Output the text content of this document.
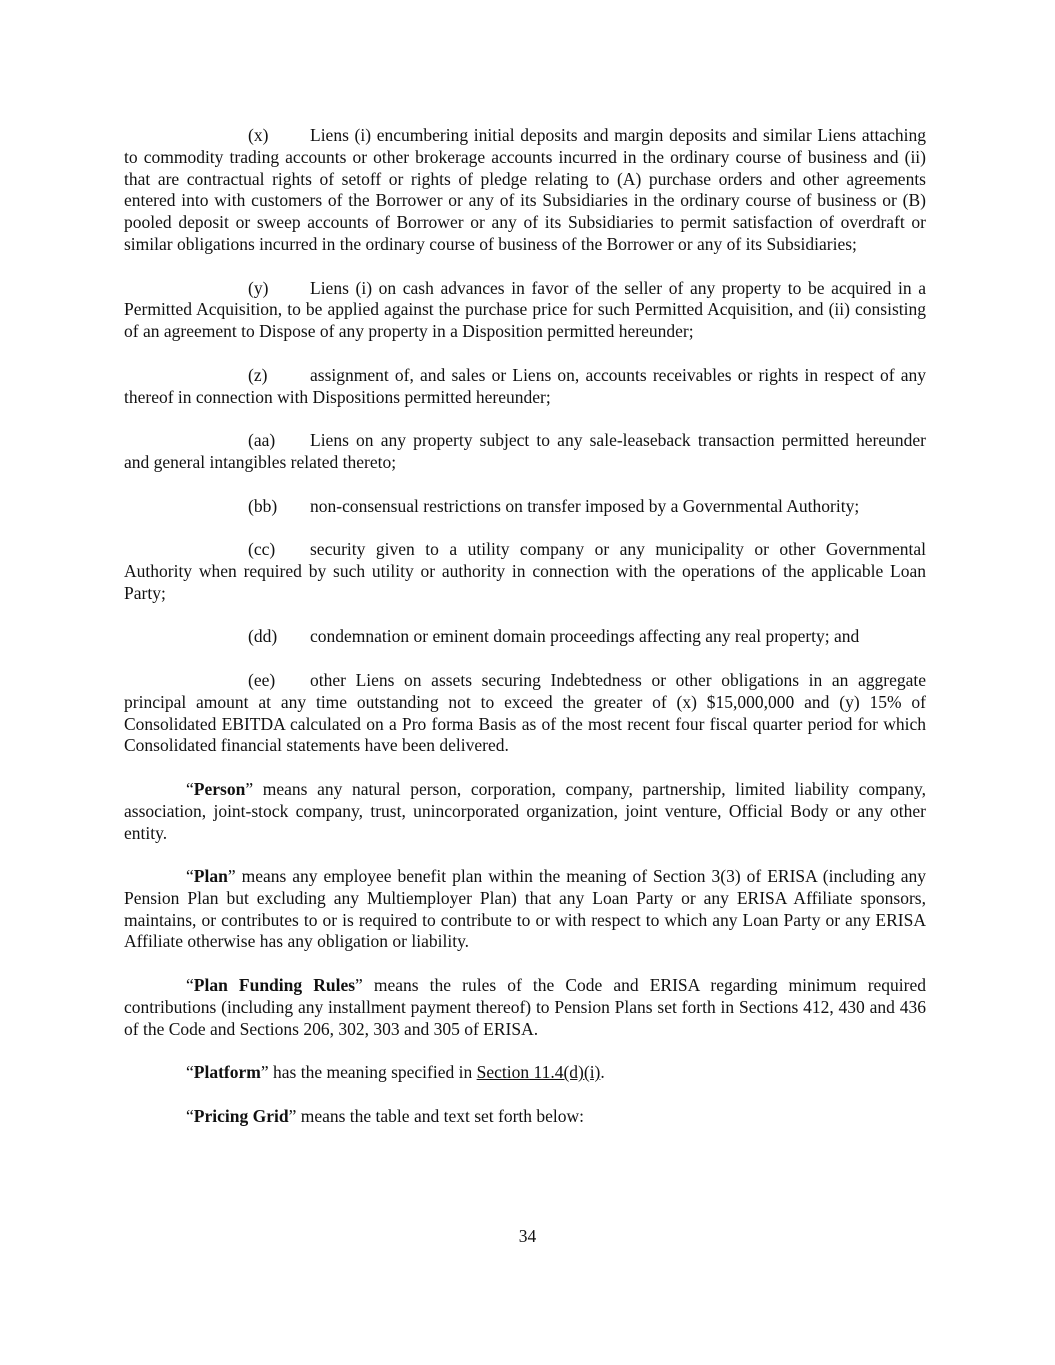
(x) Liens (i) encumbering initial deposits and margin deposits and similar Liens attaching to commodity trading accounts or other brokerage accounts incurred in the ordinary course of business and (ii) that are contractual rights of setoff or rights of pledge relating to (A) purchase orders and other agreements entered into with customers of the Borrower or any of its Subsidiaries in the ordinary course of business or (B) pooled deposit or sweep accounts of Borrower or any of its Subsidiaries to permit satisfaction of overdraft or similar obligations incurred in the ordinary course of business of the Borrower or any of its Subsidiaries;

(y) Liens (i) on cash advances in favor of the seller of any property to be acquired in a Permitted Acquisition, to be applied against the purchase price for such Permitted Acquisition, and (ii) consisting of an agreement to Dispose of any property in a Disposition permitted hereunder;

(z) assignment of, and sales or Liens on, accounts receivables or rights in respect of any thereof in connection with Dispositions permitted hereunder;

(aa) Liens on any property subject to any sale-leaseback transaction permitted hereunder and general intangibles related thereto;

(bb) non-consensual restrictions on transfer imposed by a Governmental Authority;

(cc) security given to a utility company or any municipality or other Governmental Authority when required by such utility or authority in connection with the operations of the applicable Loan Party;

(dd) condemnation or eminent domain proceedings affecting any real property; and

(ee) other Liens on assets securing Indebtedness or other obligations in an aggregate principal amount at any time outstanding not to exceed the greater of (x) $15,000,000 and (y) 15% of Consolidated EBITDA calculated on a Pro forma Basis as of the most recent four fiscal quarter period for which Consolidated financial statements have been delivered.

“Person” means any natural person, corporation, company, partnership, limited liability company, association, joint-stock company, trust, unincorporated organization, joint venture, Official Body or any other entity.

“Plan” means any employee benefit plan within the meaning of Section 3(3) of ERISA (including any Pension Plan but excluding any Multiemployer Plan) that any Loan Party or any ERISA Affiliate sponsors, maintains, or contributes to or is required to contribute to or with respect to which any Loan Party or any ERISA Affiliate otherwise has any obligation or liability.

“Plan Funding Rules” means the rules of the Code and ERISA regarding minimum required contributions (including any installment payment thereof) to Pension Plans set forth in Sections 412, 430 and 436 of the Code and Sections 206, 302, 303 and 305 of ERISA.

“Platform” has the meaning specified in Section 11.4(d)(i).

“Pricing Grid” means the table and text set forth below:

34
